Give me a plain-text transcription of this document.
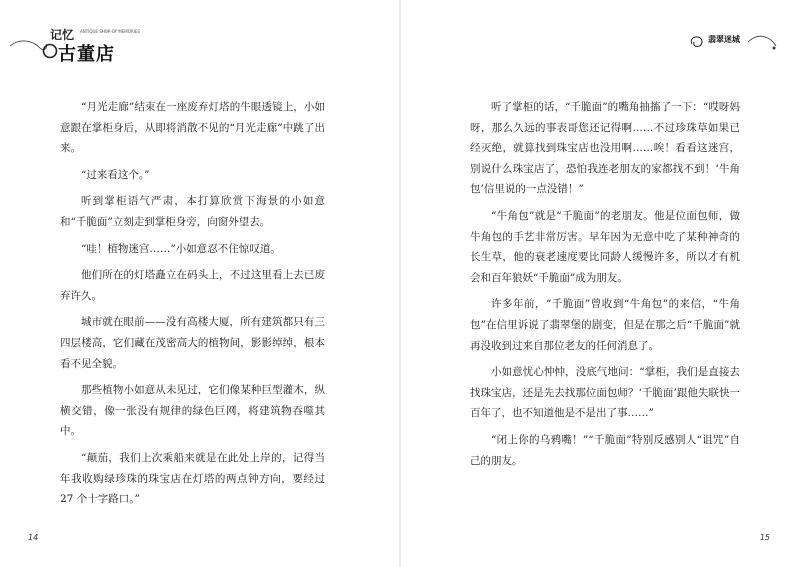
记忆 ANTIQUE SHOP OF MEMORIES
古董店

“月光走廊”结束在一座废弃灯塔的牛眼透镜上，小如意跟在掌柜身后，从即将消散不见的“月光走廊”中跳了出来。

“过来看这个。”

听到掌柜语气严肃，本打算欣赏下海景的小如意和“千脆面”立刻走到掌柜身旁，向窗外望去。

“哇！植物迷宫……”小如意忍不住惊叹道。

他们所在的灯塔矗立在码头上，不过这里看上去已废弃许久。

城市就在眼前——没有高楼大厦，所有建筑都只有三四层楼高，它们藏在茂密高大的植物间，影影绰绰，根本看不见全貌。

那些植物小如意从未见过，它们像某种巨型灌木，纵横交错，像一张没有规律的绿色巨网，将建筑物吞噬其中。

“颠茄，我们上次乘船来就是在此处上岸的，记得当年我收购绿珍珠的珠宝店在灯塔的两点钟方向，要经过 27 个十字路口。”

14
翡翠迷城

听了掌柜的话，“千脆面”的嘴角抽搐了一下：“哎呀妈呀，那么久远的事表哥您还记得啊……不过珍珠草如果已经灭绝，就算找到珠宝店也没用啊……唉！看看这迷宫，别说什么珠宝店了，恐怕我连老朋友的家都找不到！‘牛角包’信里说的一点没错！”

“牛角包”就是“千脆面”的老朋友。他是位面包师，做牛角包的手艺非常厉害。早年因为无意中吃了某种神奇的长生草，他的衰老速度要比同龄人缓慢许多，所以才有机会和百年狼妖“千脆面”成为朋友。

许多年前，“千脆面”曾收到“牛角包”的来信，“牛角包”在信里诉说了翡翠堡的剧变，但是在那之后“千脆面”就再没收到过来自那位老友的任何消息了。

小如意忧心忡忡，没底气地问：“掌柜，我们是直接去找珠宝店，还是先去找那位面包师？‘千脆面’跟他失联快一百年了，也不知道他是不是出了事……”

“闭上你的乌鸦嘴！”“千脆面”特别反感别人“诅咒”自己的朋友。

15
